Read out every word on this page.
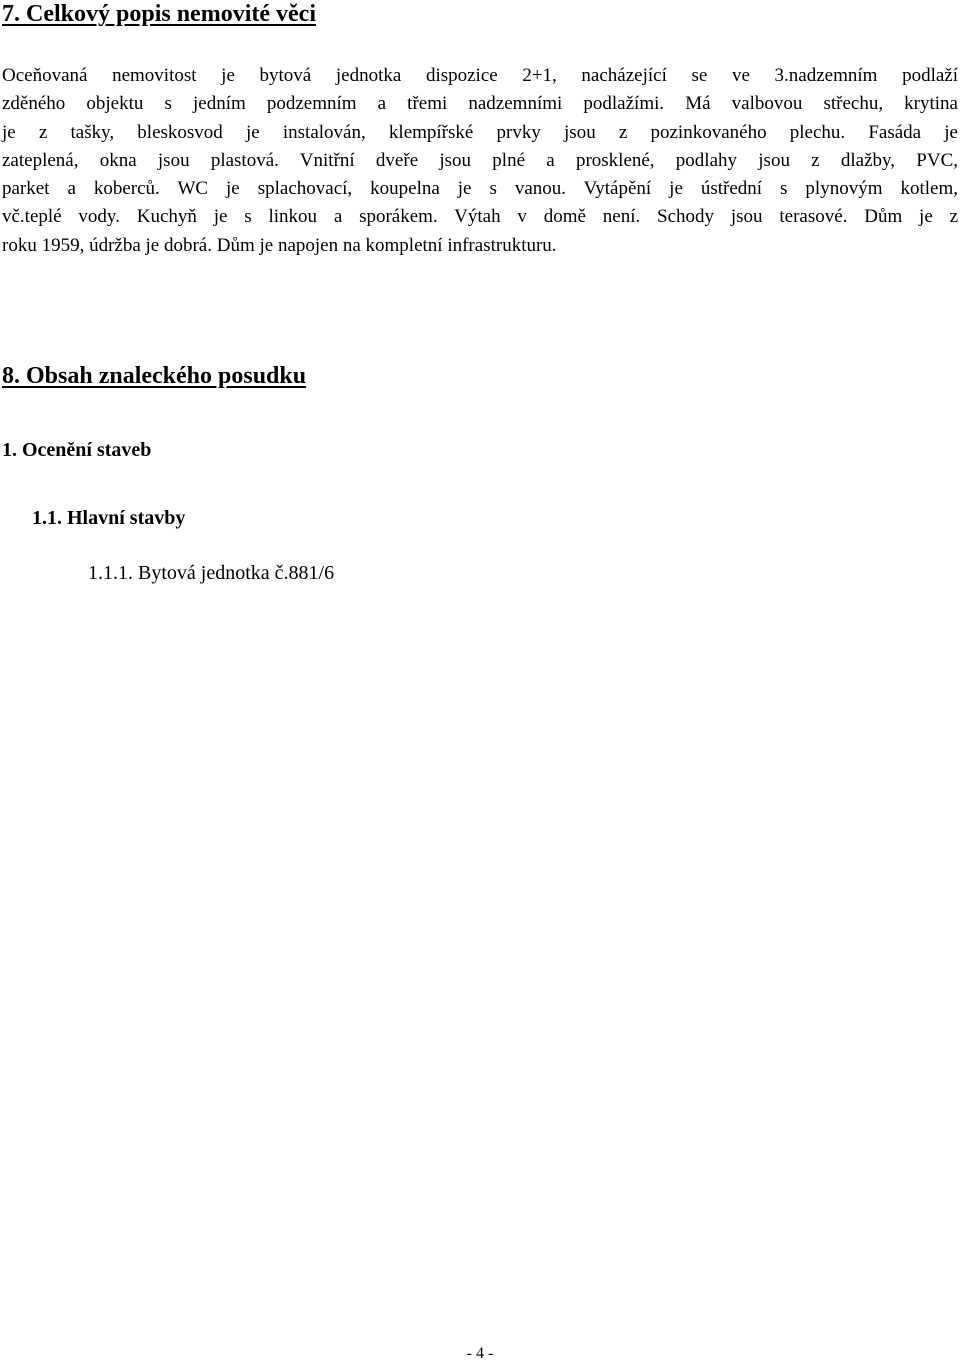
7. Celkový popis nemovité věci
Oceňovaná nemovitost je bytová jednotka dispozice 2+1, nacházející se ve 3.nadzemním podlaží
zděného objektu s jedním podzemním a třemi nadzemními podlažími. Má valbovou střechu, krytina
je z tašky, bleskosvod je instalován, klempířské prvky jsou z pozinkovaného plechu. Fasáda je
zateplená, okna jsou plastová. Vnitřní dveře jsou plné a prosklené, podlahy jsou z dlažby, PVC,
parket a koberců. WC je splachovací, koupelna je s vanou. Vytápění je ústřední s plynovým kotlem,
vč.teplé vody. Kuchyň je s linkou a sporákem. Výtah v domě není. Schody jsou terasové. Dům je z
roku 1959, údržba je dobrá. Dům je napojen na kompletní infrastrukturu.
8. Obsah znaleckého posudku
1. Ocenění staveb
1.1. Hlavní stavby
1.1.1. Bytová jednotka č.881/6
- 4 -
